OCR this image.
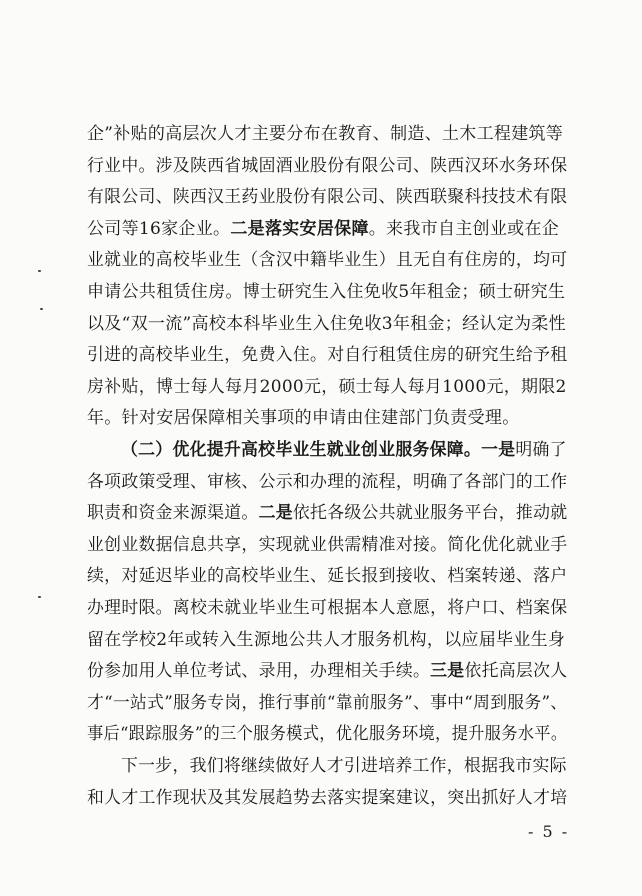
企”补贴的高层次人才主要分布在教育、制造、土木工程建筑等
行业中。涉及陕西省城固酒业股份有限公司、陕西汉环水务环保
有限公司、陕西汉王药业股份有限公司、陕西联聚科技技术有限
公司等16家企业。二是落实安居保障。来我市自主创业或在企
业就业的高校毕业生（含汉中籍毕业生）且无自有住房的，均可
申请公共租赁住房。博士研究生入住免收5年租金；硕士研究生
以及“双一流”高校本科毕业生入住免收3年租金；经认定为柔性
引进的高校毕业生，免费入住。对自行租赁住房的研究生给予租
房补贴，博士每人每月2000元，硕士每人每月1000元，期限2
年。针对安居保障相关事项的申请由住建部门负责受理。
（二）优化提升高校毕业生就业创业服务保障。一是明确了
各项政策受理、审核、公示和办理的流程，明确了各部门的工作
职责和资金来源渠道。二是依托各级公共就业服务平台，推动就
业创业数据信息共享，实现就业供需精准对接。简化优化就业手
续，对延迟毕业的高校毕业生、延长报到接收、档案转递、落户
办理时限。离校未就业毕业生可根据本人意愿，将户口、档案保
留在学校2年或转入生源地公共人才服务机构，以应届毕业生身
份参加用人单位考试、录用，办理相关手续。三是依托高层次人
才“一站式”服务专岗，推行事前“靠前服务”、事中“周到服务”、
事后“跟踪服务”的三个服务模式，优化服务环境，提升服务水平。
下一步，我们将继续做好人才引进培养工作，根据我市实际
和人才工作现状及其发展趋势去落实提案建议，突出抓好人才培
- 5 -
